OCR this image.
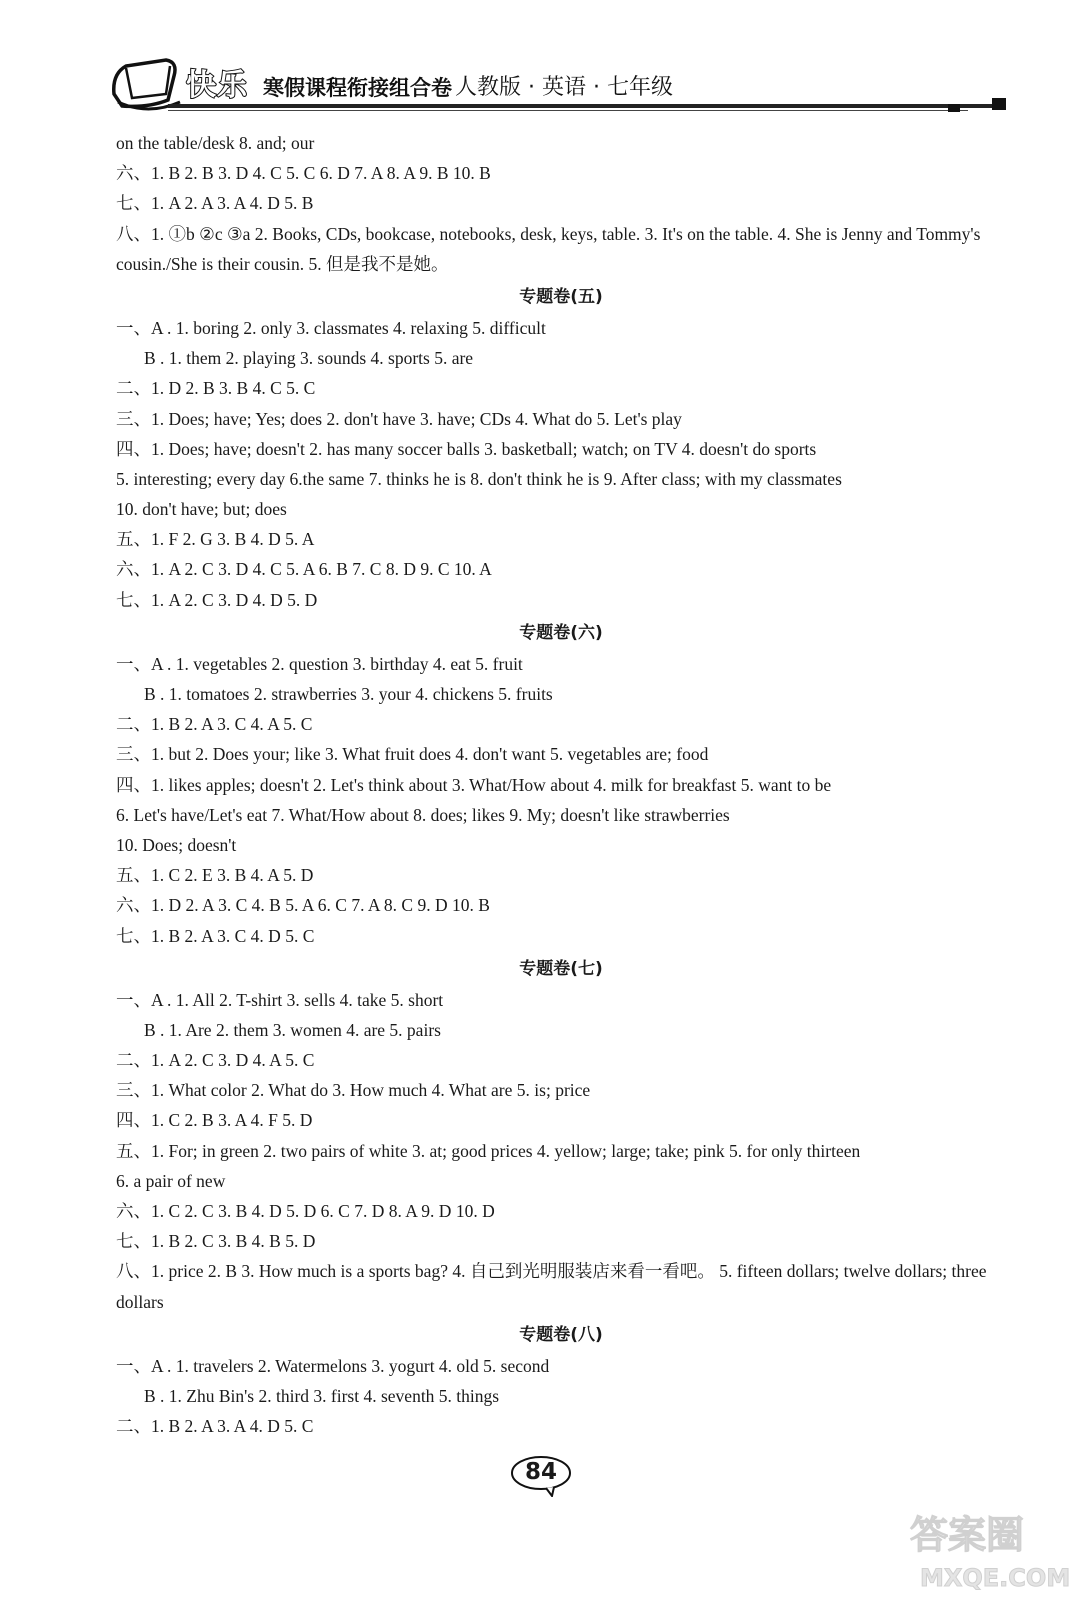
快乐 寒假课程衔接组合卷 人教版 · 英语 · 七年级
on the table/desk 8. and; our
六、1. B 2. B 3. D 4. C 5. C 6. D 7. A 8. A 9. B 10. B
七、1. A 2. A 3. A 4. D 5. B
八、1. ①b ②c ③a 2. Books, CDs, bookcase, notebooks, desk, keys, table. 3. It's on the table. 4. She is Jenny and Tommy's cousin./She is their cousin. 5. 但是我不是她。
专题卷(五)
一、A . 1. boring 2. only 3. classmates 4. relaxing 5. difficult
B . 1. them 2. playing 3. sounds 4. sports 5. are
二、1. D 2. B 3. B 4. C 5. C
三、1. Does; have; Yes; does 2. don't have 3. have; CDs 4. What do 5. Let's play
四、1. Does; have; doesn't 2. has many soccer balls 3. basketball; watch; on TV 4. doesn't do sports
5. interesting; every day 6.the same 7. thinks he is 8. don't think he is 9. After class; with my classmates
10. don't have; but; does
五、1. F 2. G 3. B 4. D 5. A
六、1. A 2. C 3. D 4. C 5. A 6. B 7. C 8. D 9. C 10. A
七、1. A 2. C 3. D 4. D 5. D
专题卷(六)
一、A . 1. vegetables 2. question 3. birthday 4. eat 5. fruit
B . 1. tomatoes 2. strawberries 3. your 4. chickens 5. fruits
二、1. B 2. A 3. C 4. A 5. C
三、1. but 2. Does your; like 3. What fruit does 4. don't want 5. vegetables are; food
四、1. likes apples; doesn't 2. Let's think about 3. What/How about 4. milk for breakfast 5. want to be
6. Let's have/Let's eat 7. What/How about 8. does; likes 9. My; doesn't like strawberries
10. Does; doesn't
五、1. C 2. E 3. B 4. A 5. D
六、1. D 2. A 3. C 4. B 5. A 6. C 7. A 8. C 9. D 10. B
七、1. B 2. A 3. C 4. D 5. C
专题卷(七)
一、A . 1. All 2. T-shirt 3. sells 4. take 5. short
B . 1. Are 2. them 3. women 4. are 5. pairs
二、1. A 2. C 3. D 4. A 5. C
三、1. What color 2. What do 3. How much 4. What are 5. is; price
四、1. C 2. B 3. A 4. F 5. D
五、1. For; in green 2. two pairs of white 3. at; good prices 4. yellow; large; take; pink 5. for only thirteen
6. a pair of new
六、1. C 2. C 3. B 4. D 5. D 6. C 7. D 8. A 9. D 10. D
七、1. B 2. C 3. B 4. B 5. D
八、1. price 2. B 3. How much is a sports bag? 4. 自己到光明服装店来看一看吧。 5. fifteen dollars; twelve dollars; three dollars
专题卷(八)
一、A . 1. travelers 2. Watermelons 3. yogurt 4. old 5. second
B . 1. Zhu Bin's 2. third 3. first 4. seventh 5. things
二、1. B 2. A 3. A 4. D 5. C
84
答案圈
MXQE.COM
